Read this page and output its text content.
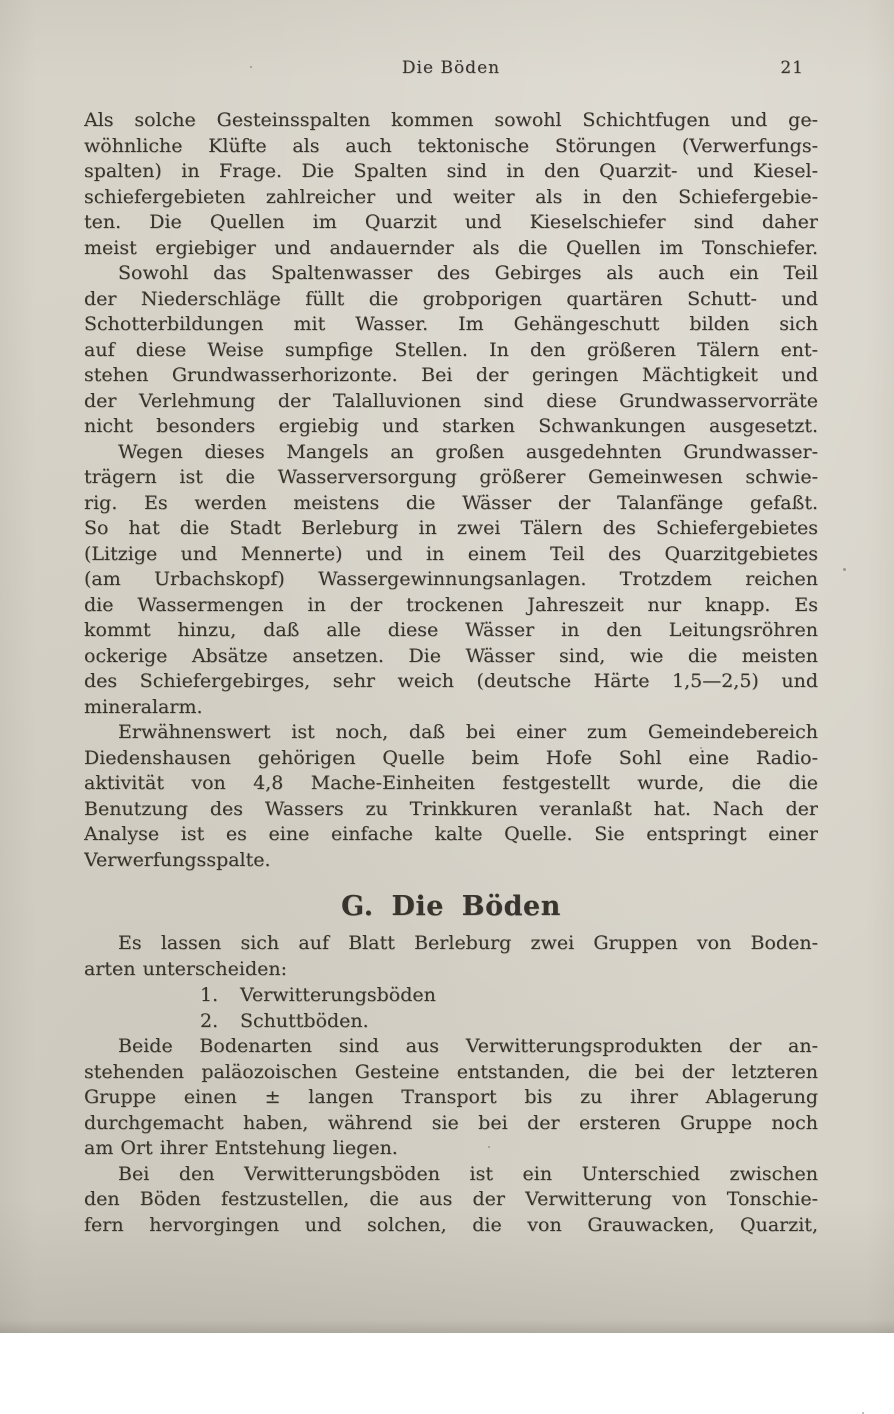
Die Böden	21
Als solche Gesteinsspalten kommen sowohl Schichtfugen und ge-
wöhnliche Klüfte als auch tektonische Störungen (Verwerfungs-
spalten) in Frage. Die Spalten sind in den Quarzit- und Kiesel-
schiefergebieten zahlreicher und weiter als in den Schiefergebie-
ten. Die Quellen im Quarzit und Kieselschiefer sind daher
meist ergiebiger und andauernder als die Quellen im Tonschiefer.
Sowohl das Spaltenwasser des Gebirges als auch ein Teil
der Niederschläge füllt die grobporigen quartären Schutt- und
Schotterbildungen mit Wasser. Im Gehängeschutt bilden sich
auf diese Weise sumpfige Stellen. In den größeren Tälern ent-
stehen Grundwasserhorizonte. Bei der geringen Mächtigkeit und
der Verlehmung der Talalluvionen sind diese Grundwasservorräte
nicht besonders ergiebig und starken Schwankungen ausgesetzt.
Wegen dieses Mangels an großen ausgedehnten Grundwasser-
trägern ist die Wasserversorgung größerer Gemeinwesen schwie-
rig. Es werden meistens die Wässer der Talanfänge gefaßt.
So hat die Stadt Berleburg in zwei Tälern des Schiefergebietes
(Litzige und Mennerte) und in einem Teil des Quarzitgebietes
(am Urbachskopf) Wassergewinnungsanlagen. Trotzdem reichen
die Wassermengen in der trockenen Jahreszeit nur knapp. Es
kommt hinzu, daß alle diese Wässer in den Leitungsröhren
ockerige Absätze ansetzen. Die Wässer sind, wie die meisten
des Schiefergebirges, sehr weich (deutsche Härte 1,5—2,5) und
mineralarm.
Erwähnenswert ist noch, daß bei einer zum Gemeindebereich
Diedenshausen gehörigen Quelle beim Hofe Sohl eine Radio-
aktivität von 4,8 Mache-Einheiten festgestellt wurde, die die
Benutzung des Wassers zu Trinkkuren veranlaßt hat. Nach der
Analyse ist es eine einfache kalte Quelle. Sie entspringt einer
Verwerfungsspalte.
G. Die Böden
Es lassen sich auf Blatt Berleburg zwei Gruppen von Boden-
arten unterscheiden:
1. Verwitterungsböden
2. Schuttböden.
Beide Bodenarten sind aus Verwitterungsprodukten der an-
stehenden paläozoischen Gesteine entstanden, die bei der letzteren
Gruppe einen ± langen Transport bis zu ihrer Ablagerung
durchgemacht haben, während sie bei der ersteren Gruppe noch
am Ort ihrer Entstehung liegen.
Bei den Verwitterungsböden ist ein Unterschied zwischen
den Böden festzustellen, die aus der Verwitterung von Tonschie-
fern hervorgingen und solchen, die von Grauwacken, Quarzit,
